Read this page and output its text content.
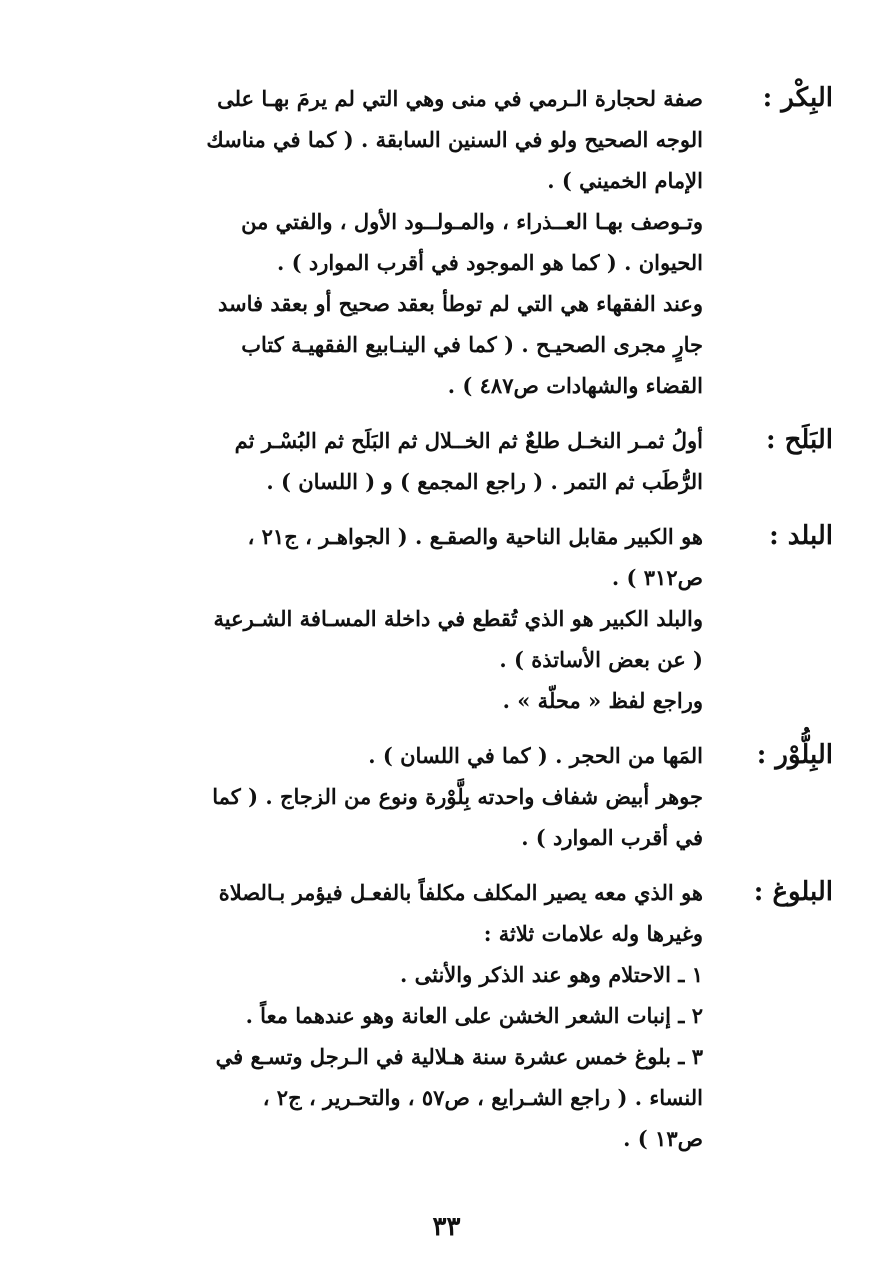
البِكْر :
صفة لحجارة الـرمي في منى وهي التي لم يرمَ بهـا على
الوجه الصحيح ولو في السنين السابقة . ( كما في مناسك
الإمام الخميني ) .
وتـوصف بهـا العــذراء ، والمـولــود الأول ، والفتي من
الحيوان . ( كما هو الموجود في أقرب الموارد ) .
وعند الفقهاء هي التي لم توطأ بعقد صحيح أو بعقد فاسد
جارٍ مجرى الصحيـح . ( كما في الينـابيع الفقهيـة كتاب
القضاء والشهادات ص٤٨٧ ) .
البَلَح :
أولُ ثمـر النخـل طلعٌ ثم الخــلال ثم البَلَح ثم البُسْـر ثم
الرُّطَب ثم التمر . ( راجع المجمع ) و ( اللسان ) .
البلد :
هو الكبير مقابل الناحية والصقـع . ( الجواهـر ، ج٢١ ،
ص٣١٢ ) .
والبلد الكبير هو الذي تُقطع في داخلة المسـافة الشـرعية
( عن بعض الأساتذة ) .
وراجع لفظ « محلّة » .
البِلُّوْر :
المَها من الحجر . ( كما في اللسان ) .
جوهر أبيض شفاف واحدته بِلَّوْرة ونوع من الزجاج . ( كما
في أقرب الموارد ) .
البلوغ :
هو الذي معه يصير المكلف مكلفاً بالفعـل فيؤمر بـالصلاة
وغيرها وله علامات ثلاثة :
١ ـ الاحتلام وهو عند الذكر والأنثى .
٢ ـ إنبات الشعر الخشن على العانة وهو عندهما معاً .
٣ ـ بلوغ خمس عشرة سنة هـلالية في الـرجل وتسـع في
النساء . ( راجع الشـرايع ، ص٥٧ ، والتحـرير ، ج٢ ،
ص١٣ ) .
٣٣
